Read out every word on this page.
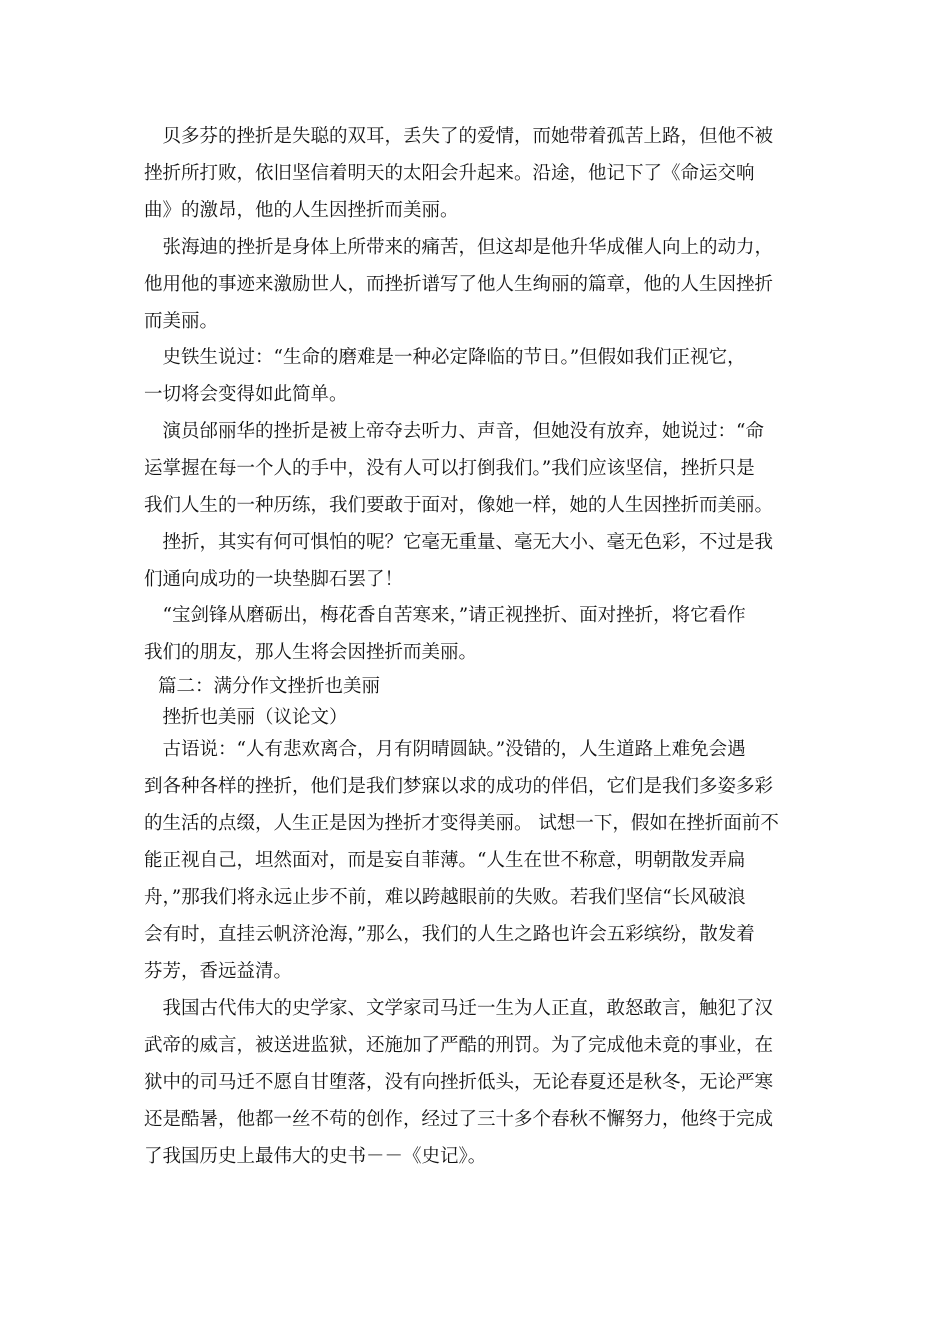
　贝多芬的挫折是失聪的双耳，丢失了的爱情，而她带着孤苦上路，但他不被
挫折所打败，依旧坚信着明天的太阳会升起来。沿途，他记下了《命运交响
曲》的激昂，他的人生因挫折而美丽。
　张海迪的挫折是身体上所带来的痛苦，但这却是他升华成催人向上的动力，
他用他的事迹来激励世人，而挫折谱写了他人生绚丽的篇章，他的人生因挫折
而美丽。
　史铁生说过：“生命的磨难是一种必定降临的节日。”但假如我们正视它，
一切将会变得如此简单。
　演员邰丽华的挫折是被上帝夺去听力、声音，但她没有放弃，她说过：“命
运掌握在每一个人的手中，没有人可以打倒我们。”我们应该坚信，挫折只是
我们人生的一种历练，我们要敢于面对，像她一样，她的人生因挫折而美丽。
　挫折，其实有何可惧怕的呢？它毫无重量、毫无大小、毫无色彩，不过是我
们通向成功的一块垫脚石罢了！
　“宝剑锋从磨砺出，梅花香自苦寒来，”请正视挫折、面对挫折，将它看作
我们的朋友，那人生将会因挫折而美丽。
篇二：满分作文挫折也美丽
　挫折也美丽（议论文）
　古语说：“人有悲欢离合，月有阴晴圆缺。”没错的，人生道路上难免会遇
到各种各样的挫折，他们是我们梦寐以求的成功的伴侣，它们是我们多姿多彩
的生活的点缀，人生正是因为挫折才变得美丽。 试想一下，假如在挫折面前不
能正视自己，坦然面对，而是妄自菲薄。“人生在世不称意，明朝散发弄扁
舟，”那我们将永远止步不前，难以跨越眼前的失败。若我们坚信“长风破浪
会有时，直挂云帆济沧海，”那么，我们的人生之路也许会五彩缤纷，散发着
芬芳，香远益清。
　我国古代伟大的史学家、文学家司马迁一生为人正直，敢怒敢言，触犯了汉
武帝的威言，被送进监狱，还施加了严酷的刑罚。为了完成他未竟的事业，在
狱中的司马迁不愿自甘堕落，没有向挫折低头，无论春夏还是秋冬，无论严寒
还是酷暑，他都一丝不苟的创作，经过了三十多个春秋不懈努力，他终于完成
了我国历史上最伟大的史书－－《史记》。
